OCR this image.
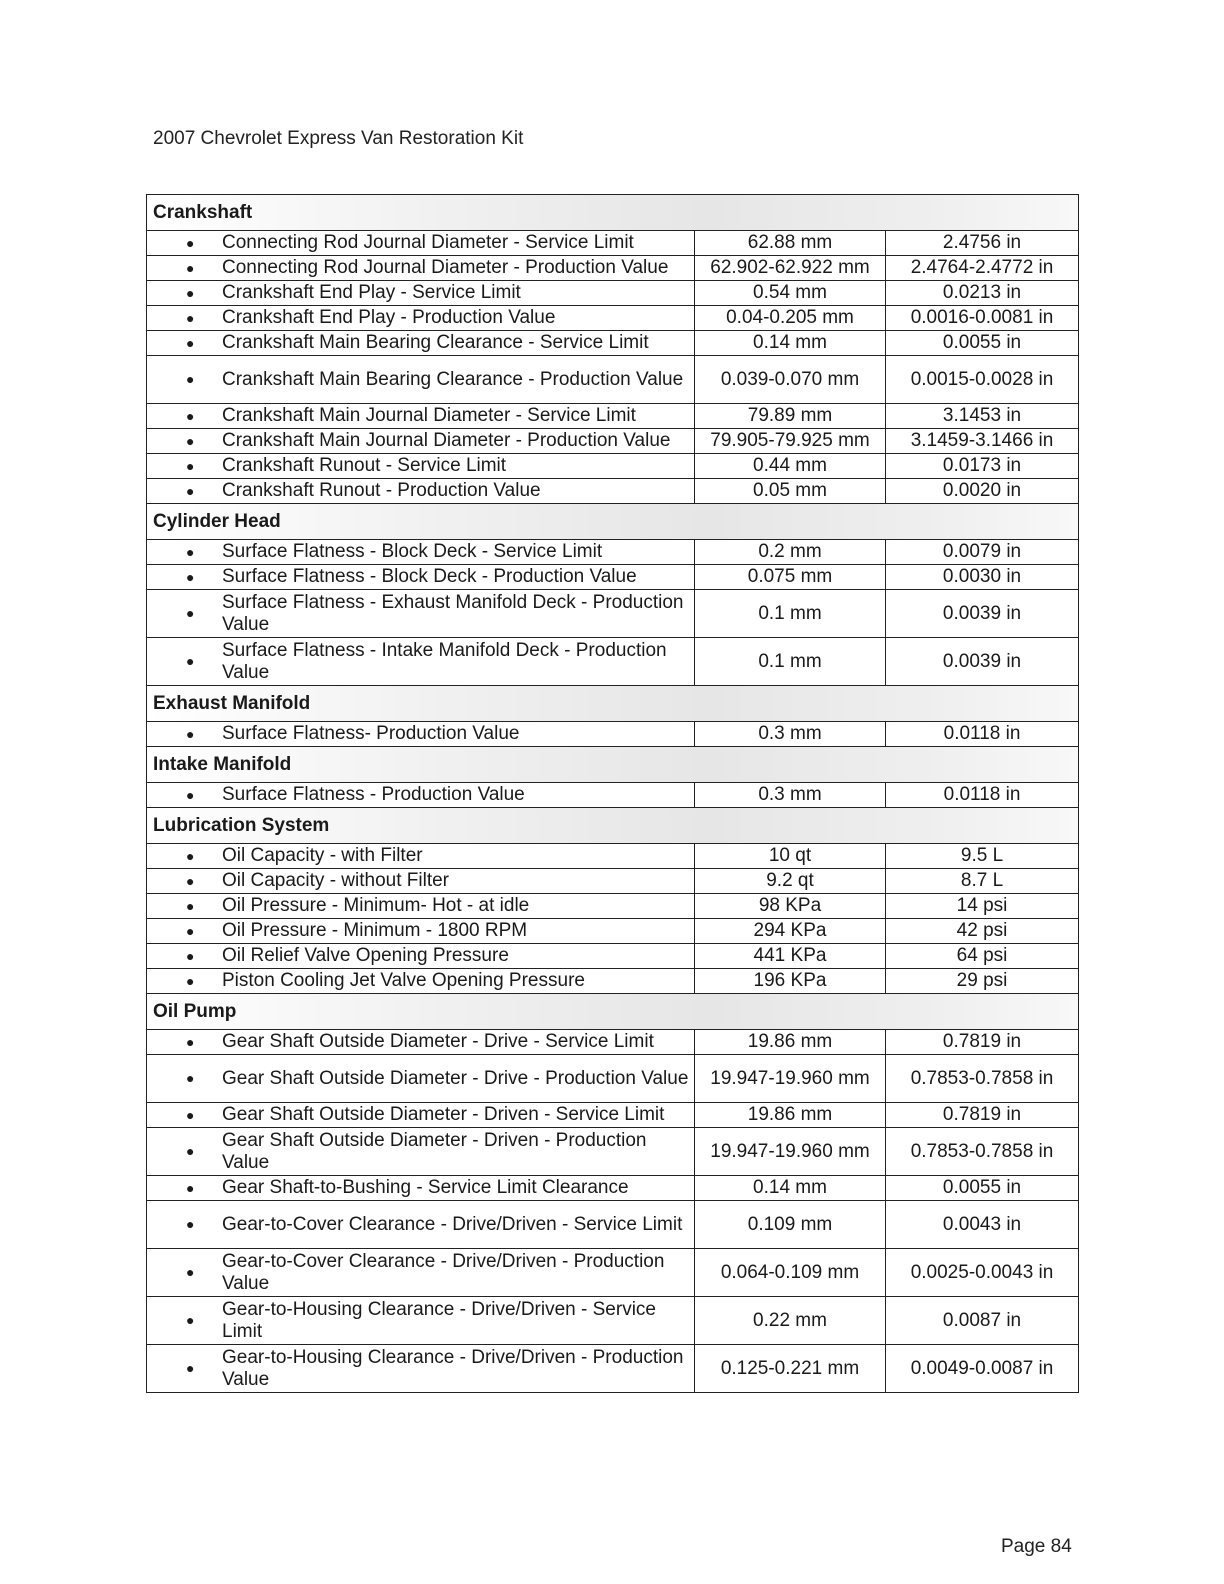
2007 Chevrolet Express Van Restoration Kit
Crankshaft		

● Connecting Rod Journal Diameter - Service Limit	62.88 mm	2.4756 in

● Connecting Rod Journal Diameter - Production Value	62.902-62.922 mm	2.4764-2.4772 in

● Crankshaft End Play - Service Limit	0.54 mm	0.0213 in

● Crankshaft End Play - Production Value	0.04-0.205 mm	0.0016-0.0081 in

● Crankshaft Main Bearing Clearance - Service Limit	0.14 mm	0.0055 in

● Crankshaft Main Bearing Clearance - Production Value	0.039-0.070 mm	0.0015-0.0028 in

● Crankshaft Main Journal Diameter - Service Limit	79.89 mm	3.1453 in

● Crankshaft Main Journal Diameter - Production Value	79.905-79.925 mm	3.1459-3.1466 in

● Crankshaft Runout - Service Limit	0.44 mm	0.0173 in

● Crankshaft Runout - Production Value	0.05 mm	0.0020 in
Cylinder Head		

● Surface Flatness - Block Deck - Service Limit	0.2 mm	0.0079 in

● Surface Flatness - Block Deck - Production Value	0.075 mm	0.0030 in

●
Surface Flatness - Exhaust Manifold Deck - Production Value	0.1 mm	0.0039 in

●
Surface Flatness - Intake Manifold Deck - Production Value	0.1 mm	0.0039 in
Exhaust Manifold		

● Surface Flatness- Production Value	0.3 mm	0.0118 in
Intake Manifold		

● Surface Flatness - Production Value	0.3 mm	0.0118 in
Lubrication System		

● Oil Capacity - with Filter	10 qt	9.5 L

● Oil Capacity - without Filter	9.2 qt	8.7 L

● Oil Pressure - Minimum- Hot - at idle	98 KPa	14 psi

● Oil Pressure - Minimum - 1800 RPM	294 KPa	42 psi

● Oil Relief Valve Opening Pressure	441 KPa	64 psi

● Piston Cooling Jet Valve Opening Pressure	196 KPa	29 psi
Oil Pump		

● Gear Shaft Outside Diameter - Drive - Service Limit	19.86 mm	0.7819 in

● Gear Shaft Outside Diameter - Drive - Production Value	19.947-19.960 mm	0.7853-0.7858 in

● Gear Shaft Outside Diameter - Driven - Service Limit	19.86 mm	0.7819 in

●
Gear Shaft Outside Diameter - Driven - Production Value	19.947-19.960 mm	0.7853-0.7858 in

● Gear Shaft-to-Bushing - Service Limit Clearance	0.14 mm	0.0055 in

● Gear-to-Cover Clearance - Drive/Driven - Service Limit	0.109 mm	0.0043 in

●
Gear-to-Cover Clearance - Drive/Driven - Production Value	0.064-0.109 mm	0.0025-0.0043 in

●
Gear-to-Housing Clearance - Drive/Driven - Service Limit	0.22 mm	0.0087 in

●
Gear-to-Housing Clearance - Drive/Driven - Production Value	0.125-0.221 mm	0.0049-0.0087 in
Page 84
